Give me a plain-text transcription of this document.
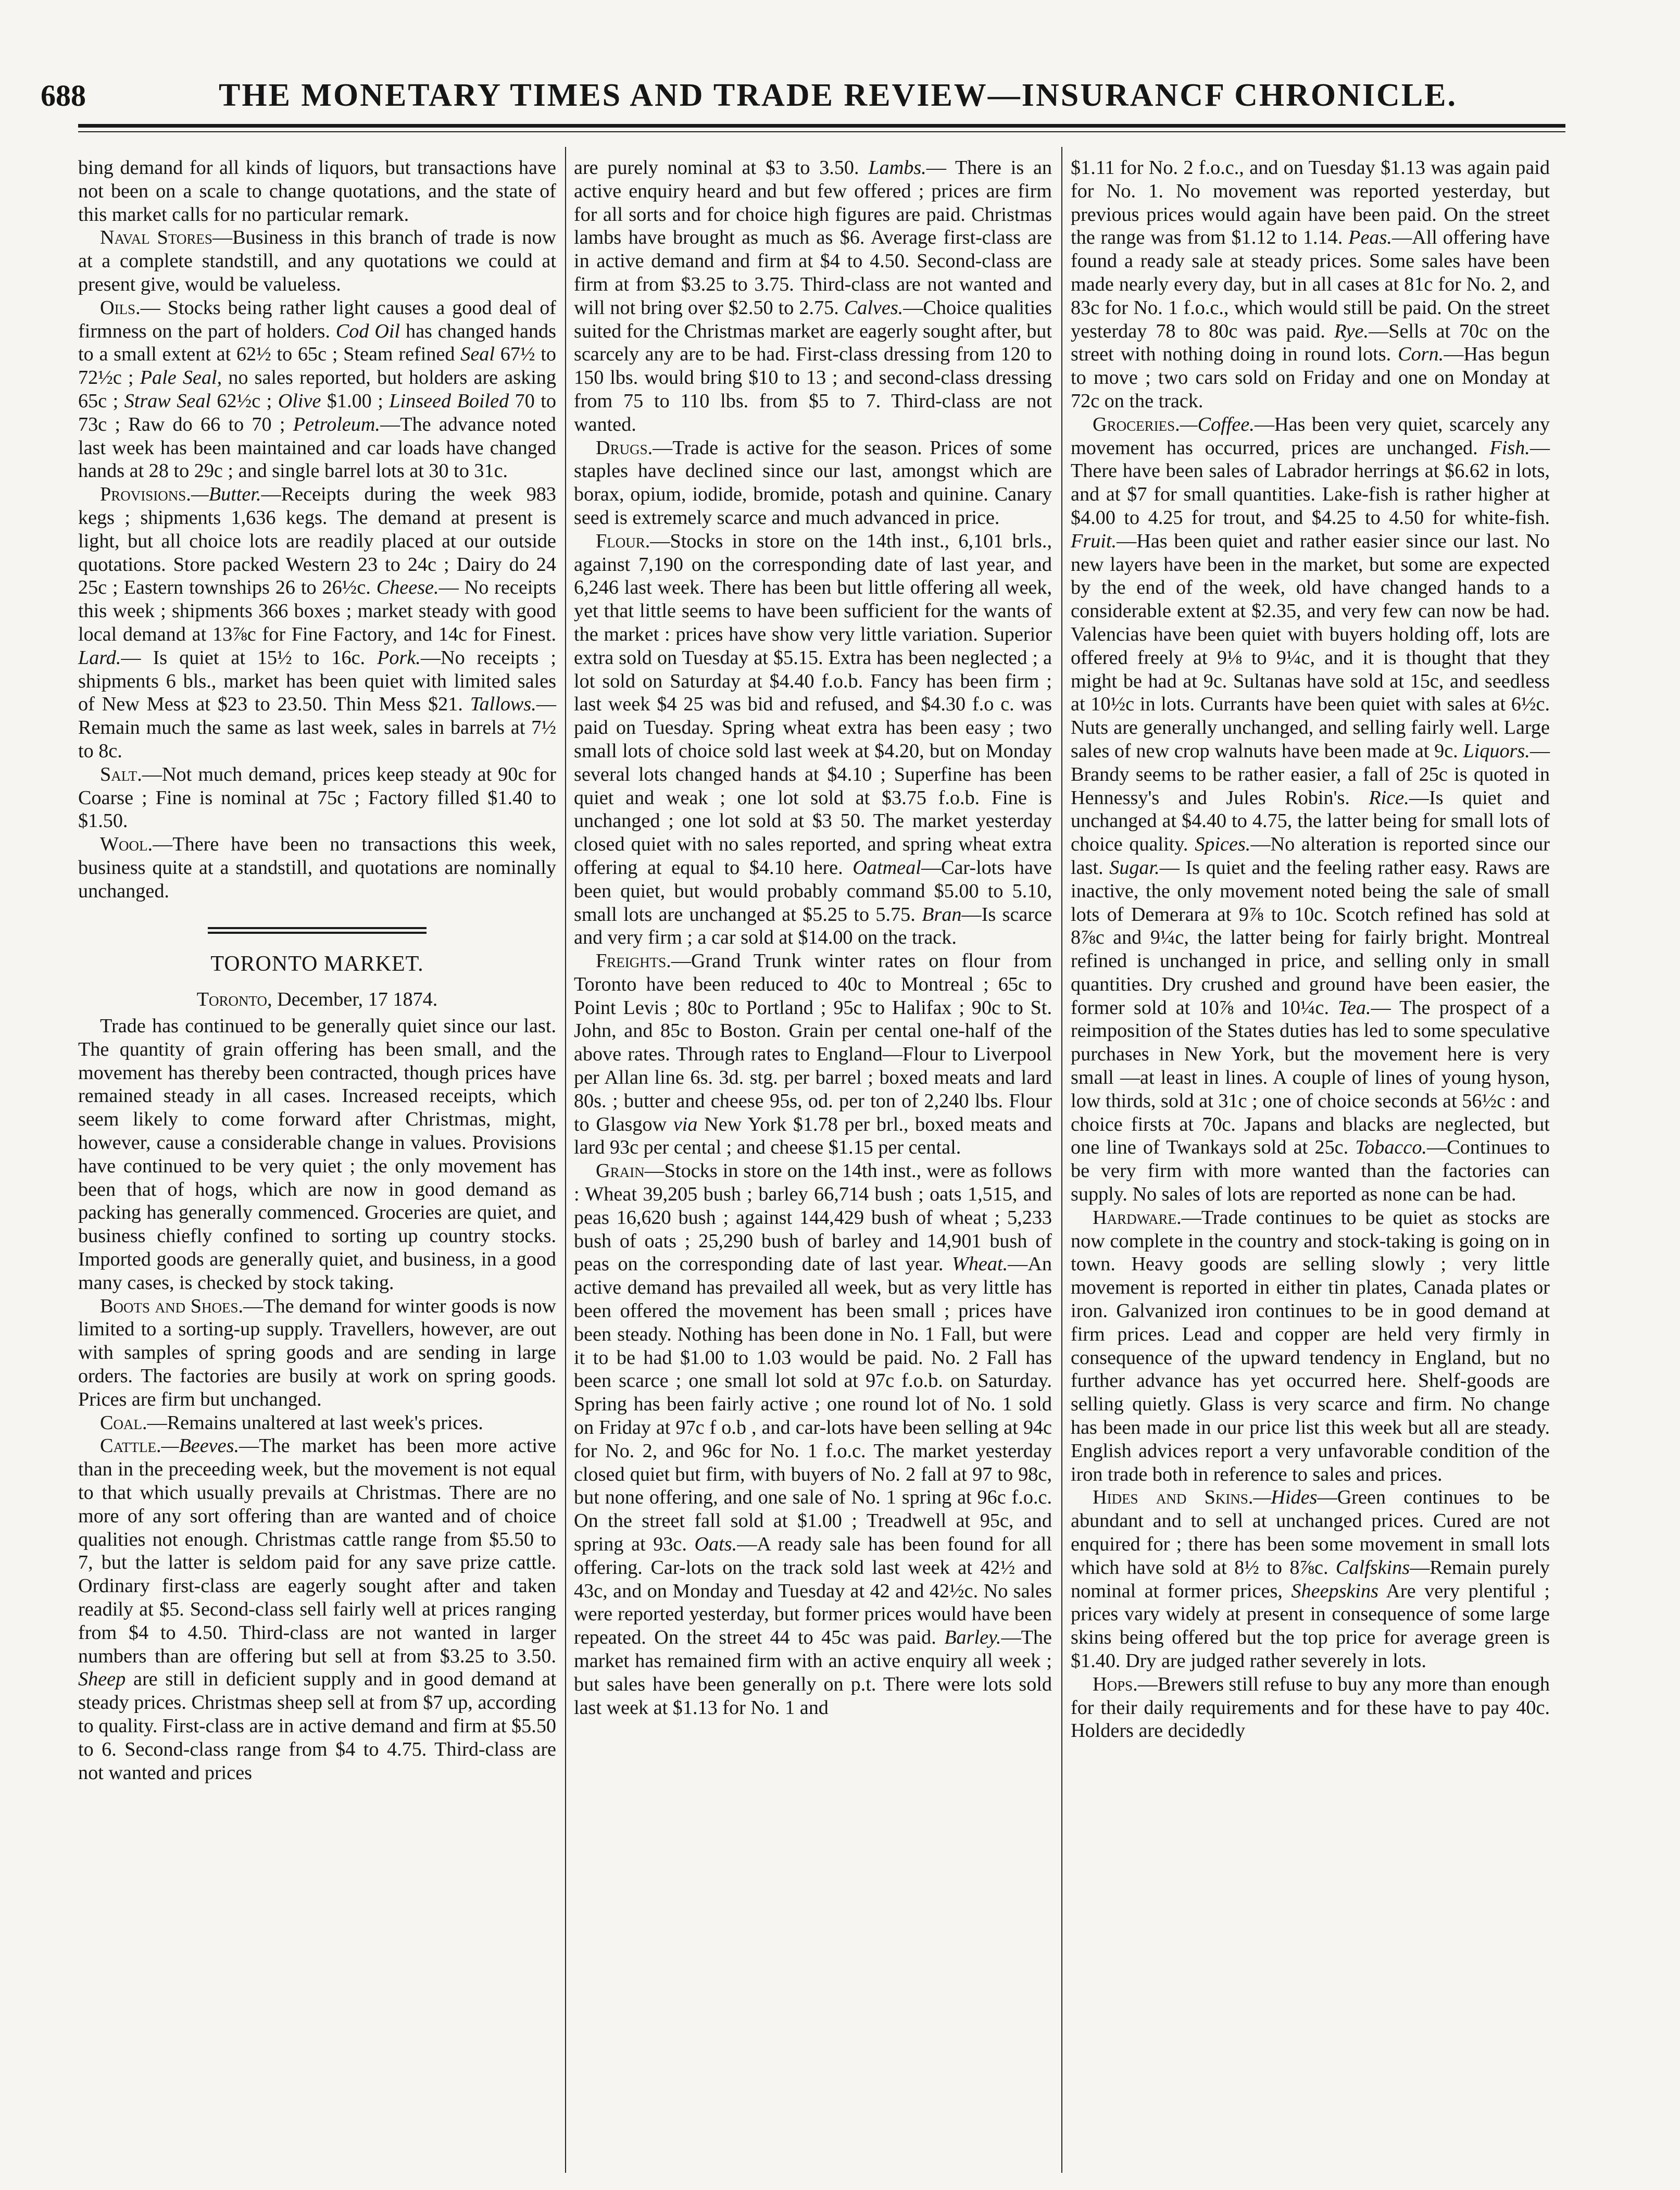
688	THE MONETARY TIMES AND TRADE REVIEW—INSURANCF CHRONICLE.

bing demand for all kinds of liquors, but transactions have not been on a scale to change quotations, and the state of this market calls for no particular remark.

Naval Stores—Business in this branch of trade is now at a complete standstill, and any quotations we could at present give, would be valueless.

Oils.— Stocks being rather light causes a good deal of firmness on the part of holders. Cod Oil has changed hands to a small extent at 62½ to 65c ; Steam refined Seal 67½ to 72½c ; Pale Seal, no sales reported, but holders are asking 65c ; Straw Seal 62½c ; Olive $1.00 ; Linseed Boiled 70 to 73c ; Raw do 66 to 70 ; Petroleum.—The advance noted last week has been maintained and car loads have changed hands at 28 to 29c ; and single barrel lots at 30 to 31c.

Provisions.—Butter.—Receipts during the week 983 kegs ; shipments 1,636 kegs. The demand at present is light, but all choice lots are readily placed at our outside quotations. Store packed Western 23 to 24c ; Dairy do 24 25c ; Eastern townships 26 to 26½c. Cheese.— No receipts this week ; shipments 366 boxes ; market steady with good local demand at 13⅞c for Fine Factory, and 14c for Finest. Lard.— Is quiet at 15½ to 16c. Pork.—No receipts ; shipments 6 bls., market has been quiet with limited sales of New Mess at $23 to 23.50. Thin Mess $21. Tallows.—Remain much the same as last week, sales in barrels at 7½ to 8c.

Salt.—Not much demand, prices keep steady at 90c for Coarse ; Fine is nominal at 75c ; Factory filled $1.40 to $1.50.

Wool.—There have been no transactions this week, business quite at a standstill, and quotations are nominally unchanged.

TORONTO MARKET.
Toronto, December, 17 1874.

Trade has continued to be generally quiet since our last. The quantity of grain offering has been small, and the movement has thereby been contracted, though prices have remained steady in all cases. Increased receipts, which seem likely to come forward after Christmas, might, however, cause a considerable change in values. Provisions have continued to be very quiet ; the only movement has been that of hogs, which are now in good demand as packing has generally commenced. Groceries are quiet, and business chiefly confined to sorting up country stocks. Imported goods are generally quiet, and business, in a good many cases, is checked by stock taking.

Boots and Shoes.—The demand for winter goods is now limited to a sorting-up supply. Travellers, however, are out with samples of spring goods and are sending in large orders. The factories are busily at work on spring goods. Prices are firm but unchanged.

Coal.—Remains unaltered at last week's prices.

Cattle.—Beeves.—The market has been more active than in the preceeding week, but the movement is not equal to that which usually prevails at Christmas. There are no more of any sort offering than are wanted and of choice qualities not enough. Christmas cattle range from $5.50 to 7, but the latter is seldom paid for any save prize cattle. Ordinary first-class are eagerly sought after and taken readily at $5. Second-class sell fairly well at prices ranging from $4 to 4.50. Third-class are not wanted in larger numbers than are offering but sell at from $3.25 to 3.50. Sheep are still in deficient supply and in good demand at steady prices. Christmas sheep sell at from $7 up, according to quality. First-class are in active demand and firm at $5.50 to 6. Second-class range from $4 to 4.75. Third-class are not wanted and prices

are purely nominal at $3 to 3.50. Lambs.— There is an active enquiry heard and but few offered ; prices are firm for all sorts and for choice high figures are paid. Christmas lambs have brought as much as $6. Average first-class are in active demand and firm at $4 to 4.50. Second-class are firm at from $3.25 to 3.75. Third-class are not wanted and will not bring over $2.50 to 2.75. Calves.—Choice qualities suited for the Christmas market are eagerly sought after, but scarcely any are to be had. First-class dressing from 120 to 150 lbs. would bring $10 to 13 ; and second-class dressing from 75 to 110 lbs. from $5 to 7. Third-class are not wanted.

Drugs.—Trade is active for the season. Prices of some staples have declined since our last, amongst which are borax, opium, iodide, bromide, potash and quinine. Canary seed is extremely scarce and much advanced in price.

Flour.—Stocks in store on the 14th inst., 6,101 brls., against 7,190 on the corresponding date of last year, and 6,246 last week. There has been but little offering all week, yet that little seems to have been sufficient for the wants of the market : prices have show very little variation. Superior extra sold on Tuesday at $5.15. Extra has been neglected ; a lot sold on Saturday at $4.40 f.o.b. Fancy has been firm ; last week $4 25 was bid and refused, and $4.30 f.o c. was paid on Tuesday. Spring wheat extra has been easy ; two small lots of choice sold last week at $4.20, but on Monday several lots changed hands at $4.10 ; Superfine has been quiet and weak ; one lot sold at $3.75 f.o.b. Fine is unchanged ; one lot sold at $3 50. The market yesterday closed quiet with no sales reported, and spring wheat extra offering at equal to $4.10 here. Oatmeal—Car-lots have been quiet, but would probably command $5.00 to 5.10, small lots are unchanged at $5.25 to 5.75. Bran—Is scarce and very firm ; a car sold at $14.00 on the track.

Freights.—Grand Trunk winter rates on flour from Toronto have been reduced to 40c to Montreal ; 65c to Point Levis ; 80c to Portland ; 95c to Halifax ; 90c to St. John, and 85c to Boston. Grain per cental one-half of the above rates. Through rates to England—Flour to Liverpool per Allan line 6s. 3d. stg. per barrel ; boxed meats and lard 80s. ; butter and cheese 95s, od. per ton of 2,240 lbs. Flour to Glasgow via New York $1.78 per brl., boxed meats and lard 93c per cental ; and cheese $1.15 per cental.

Grain—Stocks in store on the 14th inst., were as follows : Wheat 39,205 bush ; barley 66,714 bush ; oats 1,515, and peas 16,620 bush ; against 144,429 bush of wheat ; 5,233 bush of oats ; 25,290 bush of barley and 14,901 bush of peas on the corresponding date of last year. Wheat.—An active demand has prevailed all week, but as very little has been offered the movement has been small ; prices have been steady. Nothing has been done in No. 1 Fall, but were it to be had $1.00 to 1.03 would be paid. No. 2 Fall has been scarce ; one small lot sold at 97c f.o.b. on Saturday. Spring has been fairly active ; one round lot of No. 1 sold on Friday at 97c f o.b , and car-lots have been selling at 94c for No. 2, and 96c for No. 1 f.o.c. The market yesterday closed quiet but firm, with buyers of No. 2 fall at 97 to 98c, but none offering, and one sale of No. 1 spring at 96c f.o.c. On the street fall sold at $1.00 ; Treadwell at 95c, and spring at 93c. Oats.—A ready sale has been found for all offering. Car-lots on the track sold last week at 42½ and 43c, and on Monday and Tuesday at 42 and 42½c. No sales were reported yesterday, but former prices would have been repeated. On the street 44 to 45c was paid. Barley.—The market has remained firm with an active enquiry all week ; but sales have been generally on p.t. There were lots sold last week at $1.13 for No. 1 and

$1.11 for No. 2 f.o.c., and on Tuesday $1.13 was again paid for No. 1. No movement was reported yesterday, but previous prices would again have been paid. On the street the range was from $1.12 to 1.14. Peas.—All offering have found a ready sale at steady prices. Some sales have been made nearly every day, but in all cases at 81c for No. 2, and 83c for No. 1 f.o.c., which would still be paid. On the street yesterday 78 to 80c was paid. Rye.—Sells at 70c on the street with nothing doing in round lots. Corn.—Has begun to move ; two cars sold on Friday and one on Monday at 72c on the track.

Groceries.—Coffee.—Has been very quiet, scarcely any movement has occurred, prices are unchanged. Fish.—There have been sales of Labrador herrings at $6.62 in lots, and at $7 for small quantities. Lake-fish is rather higher at $4.00 to 4.25 for trout, and $4.25 to 4.50 for white-fish. Fruit.—Has been quiet and rather easier since our last. No new layers have been in the market, but some are expected by the end of the week, old have changed hands to a considerable extent at $2.35, and very few can now be had. Valencias have been quiet with buyers holding off, lots are offered freely at 9⅛ to 9¼c, and it is thought that they might be had at 9c. Sultanas have sold at 15c, and seedless at 10½c in lots. Currants have been quiet with sales at 6½c. Nuts are generally unchanged, and selling fairly well. Large sales of new crop walnuts have been made at 9c. Liquors.—Brandy seems to be rather easier, a fall of 25c is quoted in Hennessy's and Jules Robin's. Rice.—Is quiet and unchanged at $4.40 to 4.75, the latter being for small lots of choice quality. Spices.—No alteration is reported since our last. Sugar.— Is quiet and the feeling rather easy. Raws are inactive, the only movement noted being the sale of small lots of Demerara at 9⅞ to 10c. Scotch refined has sold at 8⅞c and 9¼c, the latter being for fairly bright. Montreal refined is unchanged in price, and selling only in small quantities. Dry crushed and ground have been easier, the former sold at 10⅞ and 10¼c. Tea.— The prospect of a reimposition of the States duties has led to some speculative purchases in New York, but the movement here is very small —at least in lines. A couple of lines of young hyson, low thirds, sold at 31c ; one of choice seconds at 56½c : and choice firsts at 70c. Japans and blacks are neglected, but one line of Twankays sold at 25c. Tobacco.—Continues to be very firm with more wanted than the factories can supply. No sales of lots are reported as none can be had.

Hardware.—Trade continues to be quiet as stocks are now complete in the country and stock-taking is going on in town. Heavy goods are selling slowly ; very little movement is reported in either tin plates, Canada plates or iron. Galvanized iron continues to be in good demand at firm prices. Lead and copper are held very firmly in consequence of the upward tendency in England, but no further advance has yet occurred here. Shelf-goods are selling quietly. Glass is very scarce and firm. No change has been made in our price list this week but all are steady. English advices report a very unfavorable condition of the iron trade both in reference to sales and prices.

Hides and Skins.—Hides—Green continues to be abundant and to sell at unchanged prices. Cured are not enquired for ; there has been some movement in small lots which have sold at 8½ to 8⅞c. Calfskins—Remain purely nominal at former prices, Sheepskins Are very plentiful ; prices vary widely at present in consequence of some large skins being offered but the top price for average green is $1.40. Dry are judged rather severely in lots.

Hops.—Brewers still refuse to buy any more than enough for their daily requirements and for these have to pay 40c. Holders are decidedly
